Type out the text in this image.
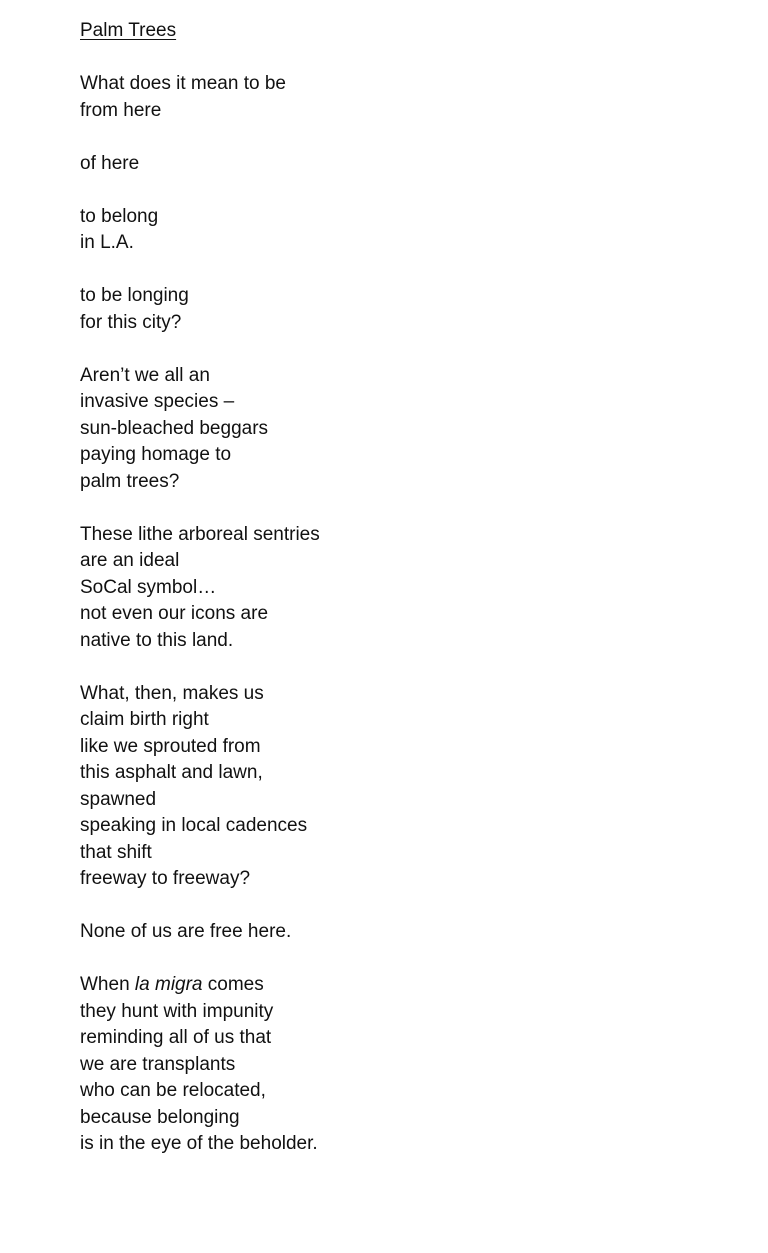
Palm Trees
What does it mean to be
from here
of here
to belong
in L.A.
to be longing
for this city?
Aren’t we all an
invasive species –
sun-bleached beggars
paying homage to
palm trees?
These lithe arboreal sentries
are an ideal
SoCal symbol…
not even our icons are
native to this land.
What, then, makes us
claim birth right
like we sprouted from
this asphalt and lawn,
spawned
speaking in local cadences
that shift
freeway to freeway?
None of us are free here.
When la migra comes
they hunt with impunity
reminding all of us that
we are transplants
who can be relocated,
because belonging
is in the eye of the beholder.
